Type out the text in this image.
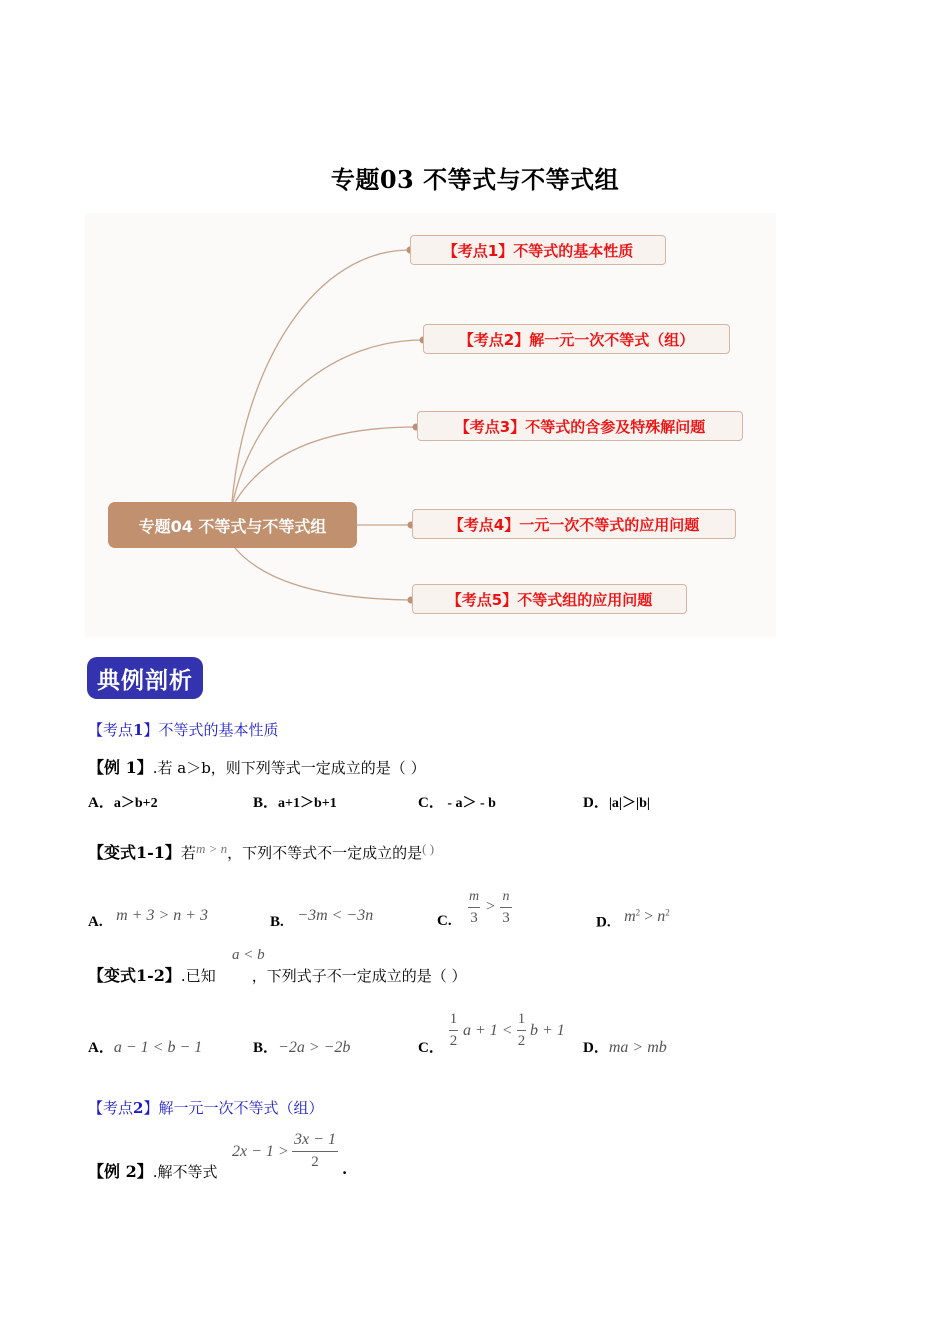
专题03 不等式与不等式组
专题04 不等式与不等式组
【考点1】不等式的基本性质
【考点2】解一元一次不等式（组）
【考点3】不等式的含参及特殊解问题
【考点4】一元一次不等式的应用问题
【考点5】不等式组的应用问题
典例剖析
【考点1】不等式的基本性质
【例 1】.若 a＞b，则下列等式一定成立的是（ ）
A．a＞b+2	B．a+1＞b+1	C． - a＞ - b	D．|a|＞|b|
【变式1-1】若m > n，下列不等式不一定成立的是( )
A. m + 3 > n + 3	B. −3m < −3n	C.
m
3
>
n
3	D. $m^2 > n^2$
a < b
【变式1-2】.已知 ，下列式子不一定成立的是（ ）
A．a − 1 < b − 1	B．−2a > −2b	C．
1
2
a + 1 <
1
2
b + 1
D．ma > mb
【考点2】解一元一次不等式（组）
【例 2】.解不等式
2x − 1 >
3x − 1
2 .
